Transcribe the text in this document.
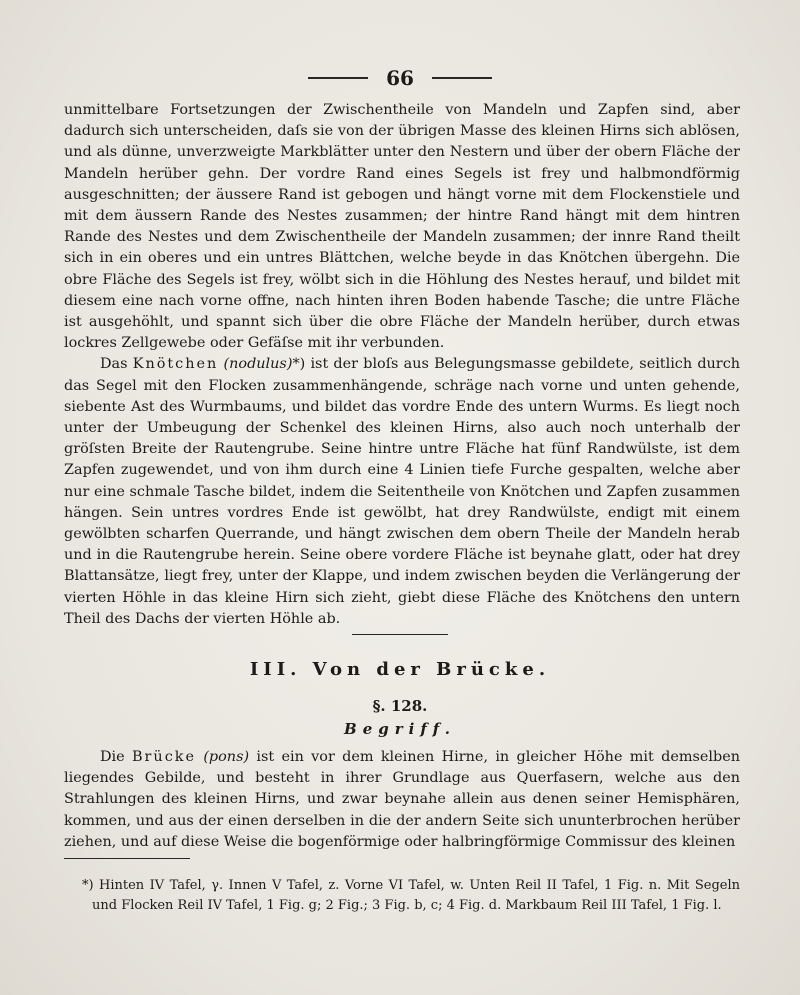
66

unmittelbare Fortsetzungen der Zwischentheile von Mandeln und Zapfen sind, aber dadurch sich unterscheiden, daſs sie von der übrigen Masse des kleinen Hirns sich ablösen, und als dünne, unverzweigte Markblätter unter den Nestern und über der obern Fläche der Mandeln herüber gehn. Der vordre Rand eines Segels ist frey und halbmondförmig ausgeschnitten; der äussere Rand ist gebogen und hängt vorne mit dem Flockenstiele und mit dem äussern Rande des Nestes zusammen; der hintre Rand hängt mit dem hintren Rande des Nestes und dem Zwischentheile der Mandeln zusammen; der innre Rand theilt sich in ein oberes und ein untres Blättchen, welche beyde in das Knötchen übergehn. Die obre Fläche des Segels ist frey, wölbt sich in die Höhlung des Nestes herauf, und bildet mit diesem eine nach vorne offne, nach hinten ihren Boden habende Tasche; die untre Fläche ist ausgehöhlt, und spannt sich über die obre Fläche der Mandeln herüber, durch etwas lockres Zellgewebe oder Gefäſse mit ihr verbunden.

Das Knötchen (nodulus)*) ist der bloſs aus Belegungsmasse gebildete, seitlich durch das Segel mit den Flocken zusammenhängende, schräge nach vorne und unten gehende, siebente Ast des Wurmbaums, und bildet das vordre Ende des untern Wurms. Es liegt noch unter der Umbeugung der Schenkel des kleinen Hirns, also auch noch unterhalb der gröſsten Breite der Rautengrube. Seine hintre untre Fläche hat fünf Randwülste, ist dem Zapfen zugewendet, und von ihm durch eine 4 Linien tiefe Furche gespalten, welche aber nur eine schmale Tasche bildet, indem die Seitentheile von Knötchen und Zapfen zusammen hängen. Sein untres vordres Ende ist gewölbt, hat drey Randwülste, endigt mit einem gewölbten scharfen Querrande, und hängt zwischen dem obern Theile der Mandeln herab und in die Rautengrube herein. Seine obere vordere Fläche ist beynahe glatt, oder hat drey Blattansätze, liegt frey, unter der Klappe, und indem zwischen beyden die Verlängerung der vierten Höhle in das kleine Hirn sich zieht, giebt diese Fläche des Knötchens den untern Theil des Dachs der vierten Höhle ab.

III. Von der Brücke.
§. 128.
Begriff.

Die Brücke (pons) ist ein vor dem kleinen Hirne, in gleicher Höhe mit demselben liegendes Gebilde, und besteht in ihrer Grundlage aus Querfasern, welche aus den Strahlungen des kleinen Hirns, und zwar beynahe allein aus denen seiner Hemisphären, kommen, und aus der einen derselben in die der andern Seite sich ununterbrochen herüber ziehen, und auf diese Weise die bogenförmige oder halbringförmige Commissur des kleinen

*) Hinten IV Tafel, γ. Innen V Tafel, z. Vorne VI Tafel, w. Unten Reil II Tafel, 1 Fig. n. Mit Segeln und Flocken Reil IV Tafel, 1 Fig. g; 2 Fig.; 3 Fig. b, c; 4 Fig. d. Markbaum Reil III Tafel, 1 Fig. l.
